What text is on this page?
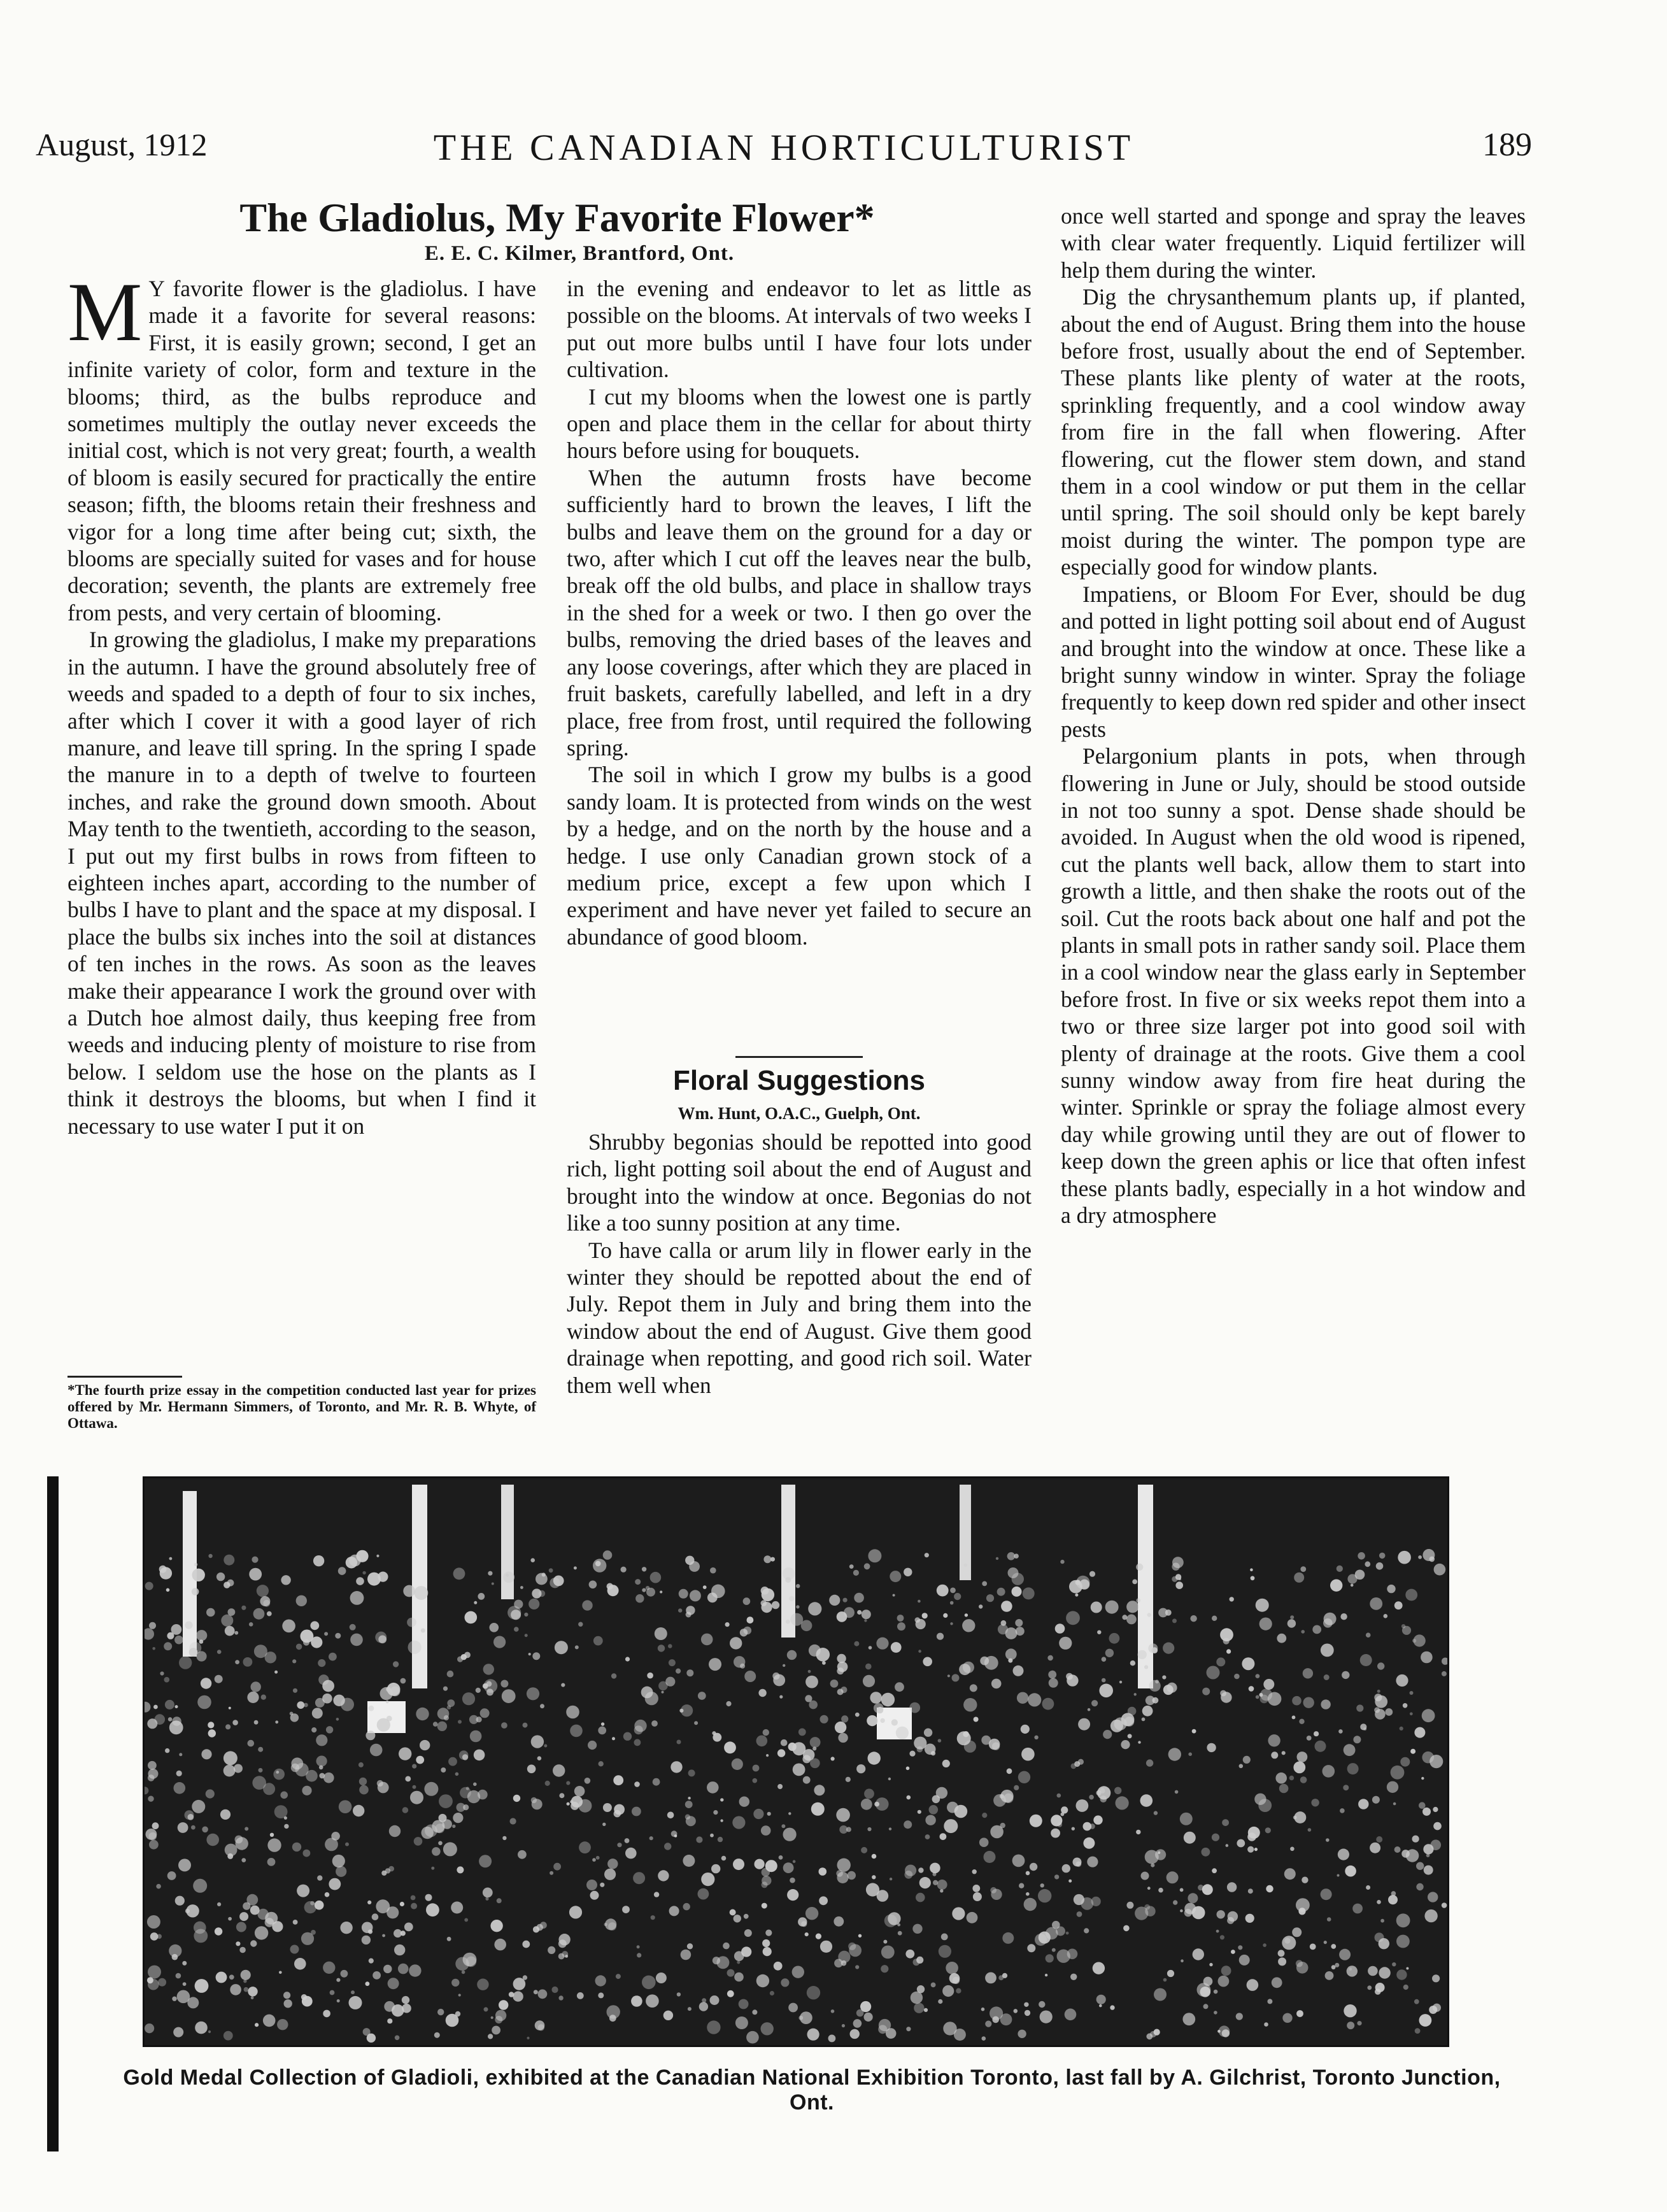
August, 1912	THE CANADIAN HORTICULTURIST	189
The Gladiolus, My Favorite Flower*
E. E. C. Kilmer, Brantford, Ont.

M Y favorite flower is the gladiolus. I have made it a favorite for several reasons: First, it is easily grown; second, I get an infinite variety of color, form and texture in the blooms; third, as the bulbs reproduce and sometimes multiply the outlay never exceeds the initial cost, which is not very great; fourth, a wealth of bloom is easily secured for practically the entire season; fifth, the blooms retain their freshness and vigor for a long time after being cut; sixth, the blooms are specially suited for vases and for house decoration; seventh, the plants are extremely free from pests, and very certain of blooming.

In growing the gladiolus, I make my preparations in the autumn. I have the ground absolutely free of weeds and spaded to a depth of four to six inches, after which I cover it with a good layer of rich manure, and leave till spring. In the spring I spade the manure in to a depth of twelve to fourteen inches, and rake the ground down smooth. About May tenth to the twentieth, according to the season, I put out my first bulbs in rows from fifteen to eighteen inches apart, according to the number of bulbs I have to plant and the space at my disposal. I place the bulbs six inches into the soil at distances of ten inches in the rows. As soon as the leaves make their appearance I work the ground over with a Dutch hoe almost daily, thus keeping free from weeds and inducing plenty of moisture to rise from below. I seldom use the hose on the plants as I think it destroys the blooms, but when I find it necessary to use water I put it on

*The fourth prize essay in the competition conducted last year for prizes offered by Mr. Hermann Simmers, of Toronto, and Mr. R. B. Whyte, of Ottawa.

in the evening and endeavor to let as little as possible on the blooms. At intervals of two weeks I put out more bulbs until I have four lots under cultivation.

I cut my blooms when the lowest one is partly open and place them in the cellar for about thirty hours before using for bouquets.

When the autumn frosts have become sufficiently hard to brown the leaves, I lift the bulbs and leave them on the ground for a day or two, after which I cut off the leaves near the bulb, break off the old bulbs, and place in shallow trays in the shed for a week or two. I then go over the bulbs, removing the dried bases of the leaves and any loose coverings, after which they are placed in fruit baskets, carefully labelled, and left in a dry place, free from frost, until required the following spring.

The soil in which I grow my bulbs is a good sandy loam. It is protected from winds on the west by a hedge, and on the north by the house and a hedge. I use only Canadian grown stock of a medium price, except a few upon which I experiment and have never yet failed to secure an abundance of good bloom.

Floral Suggestions
Wm. Hunt, O.A.C., Guelph, Ont.

Shrubby begonias should be repotted into good rich, light potting soil about the end of August and brought into the window at once. Begonias do not like a too sunny position at any time.

To have calla or arum lily in flower early in the winter they should be repotted about the end of July. Repot them in July and bring them into the window about the end of August. Give them good drainage when repotting, and good rich soil. Water them well when

once well started and sponge and spray the leaves with clear water frequently. Liquid fertilizer will help them during the winter.

Dig the chrysanthemum plants up, if planted, about the end of August. Bring them into the house before frost, usually about the end of September. These plants like plenty of water at the roots, sprinkling frequently, and a cool window away from fire in the fall when flowering. After flowering, cut the flower stem down, and stand them in a cool window or put them in the cellar until spring. The soil should only be kept barely moist during the winter. The pompon type are especially good for window plants.

Impatiens, or Bloom For Ever, should be dug and potted in light potting soil about end of August and brought into the window at once. These like a bright sunny window in winter. Spray the foliage frequently to keep down red spider and other insect pests

Pelargonium plants in pots, when through flowering in June or July, should be stood outside in not too sunny a spot. Dense shade should be avoided. In August when the old wood is ripened, cut the plants well back, allow them to start into growth a little, and then shake the roots out of the soil. Cut the roots back about one half and pot the plants in small pots in rather sandy soil. Place them in a cool window near the glass early in September before frost. In five or six weeks repot them into a two or three size larger pot into good soil with plenty of drainage at the roots. Give them a cool sunny window away from fire heat during the winter. Sprinkle or spray the foliage almost every day while growing until they are out of flower to keep down the green aphis or lice that often infest these plants badly, especially in a hot window and a dry atmosphere

Gold Medal Collection of Gladioli, exhibited at the Canadian National Exhibition Toronto, last fall by A. Gilchrist, Toronto Junction, Ont.
